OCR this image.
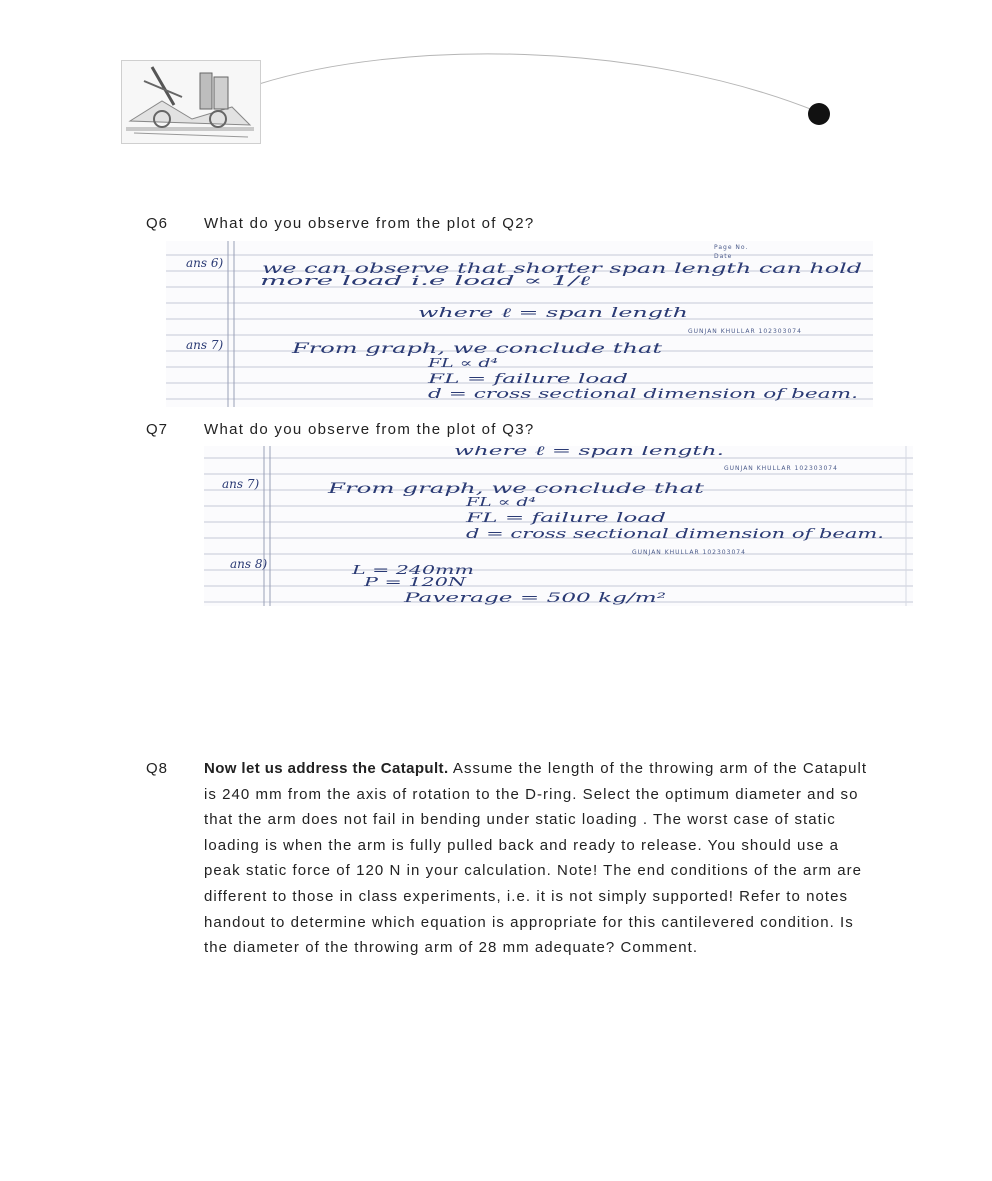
Q6 What do you observe from the plot of Q2?
Page No.
Date
ans 6)	we can observe that shorter span length can hold
more load i.e load ∝ 1/ℓ
where ℓ = span length
GUNJAN KHULLAR 102303074
ans 7)	From graph, we conclude that
FL ∝ d⁴
FL = failure load
d = cross sectional dimension of beam.
Q7 What do you observe from the plot of Q3?
where ℓ = span length.
GUNJAN KHULLAR 102303074
ans 7)	From graph, we conclude that
FL ∝ d⁴
FL = failure load
d = cross sectional dimension of beam.
GUNJAN KHULLAR 102303074
ans 8)	L = 240mm
P = 120N
Paverage = 500 kg/m²
Q8 Now let us address the Catapult. Assume the length of the throwing arm of the Catapult is 240 mm from the axis of rotation to the D-ring. Select the optimum diameter and so that the arm does not fail in bending under static loading . The worst case of static loading is when the arm is fully pulled back and ready to release. You should use a peak static force of 120 N in your calculation. Note! The end conditions of the arm are different to those in class experiments, i.e. it is not simply supported! Refer to notes handout to determine which equation is appropriate for this cantilevered condition. Is the diameter of the throwing arm of 28 mm adequate? Comment.
